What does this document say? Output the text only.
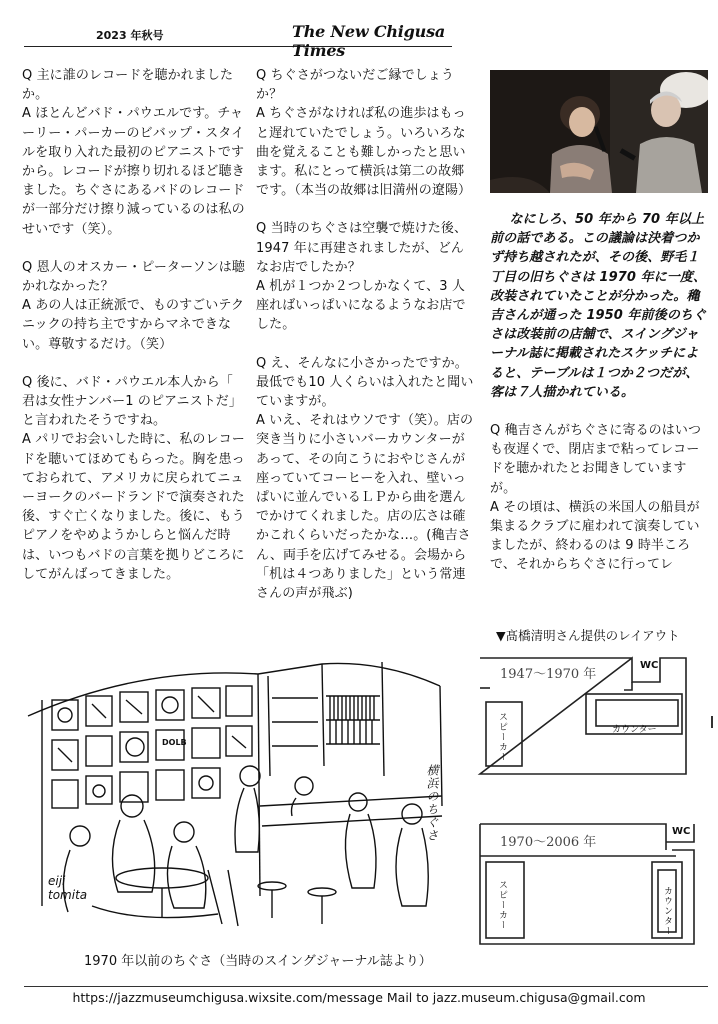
2023 年秋号	The New Chigusa Times

Q 主に誰のレコードを聴かれましたか。

A ほとんどバド・パウエルです。チャーリー・パーカーのビバップ・スタイルを取り入れた最初のピアニストですから。レコードが擦り切れるほど聴きました。ちぐさにあるバドのレコードが一部分だけ擦り減っているのは私のせいです（笑）。

Q 恩人のオスカー・ピーターソンは聴かれなかった？

A あの人は正統派で、ものすごいテクニックの持ち主ですからマネできない。尊敬するだけ。（笑）

Q 後に、バド・パウエル本人から「 君は女性ナンバー1 のピアニストだ」と言われたそうですね。

A パリでお会いした時に、私のレコードを聴いてほめてもらった。胸を患っておられて、アメリカに戻られてニューヨークのバードランドで演奏された後、すぐ亡くなりました。後に、もうピアノをやめようかしらと悩んだ時は、いつもバドの言葉を拠りどころにしてがんばってきました。

Q ちぐさがつないだご縁でしょうか？

A ちぐさがなければ私の進歩はもっと遅れていたでしょう。いろいろな曲を覚えることも難しかったと思います。私にとって横浜は第二の故郷です。（本当の故郷は旧満州の遼陽）

Q 当時のちぐさは空襲で焼けた後、1947 年に再建されましたが、どんなお店でしたか？

A 机が１つか２つしかなくて、3 人座ればいっぱいになるようなお店でした。

Q え、そんなに小さかったですか。最低でも10 人くらいは入れたと聞いていますが。

A いえ、それはウソです（笑）。店の突き当りに小さいバーカウンターがあって、その向こうにおやじさんが座っていてコーヒーを入れ、壁いっぱいに並んでいるＬＰから曲を選んでかけてくれました。店の広さは確かこれくらいだったかな…。(穐吉さん、両手を広げてみせる。会場から「机は４つありました」という常連さんの声が飛ぶ)

なにしろ、50 年から 70 年以上前の話である。この議論は決着つかず持ち越されたが、その後、野毛１丁目の旧ちぐさは 1970 年に一度、改装されていたことが分かった。穐吉さんが通った 1950 年前後のちぐさは改装前の店舗で、スイングジャーナル誌に掲載されたスケッチによると、テーブルは１つか２つだが、客は７人描かれている。

Q 穐吉さんがちぐさに寄るのはいつも夜遅くで、閉店まで粘ってレコードを聴かれたとお聞きしていますが。

A その頃は、横浜の米国人の船員が集まるクラブに雇われて演奏していましたが、終わるのは 9 時半ころで、それからちぐさに行ってレ

▼髙橋清明さん提供のレイアウト
横浜のちぐさ
eiji tomita
DOLB
1970 年以前のちぐさ（当時のスイングジャーナル誌より）
1947～1970 年
WC
スピーカー	カウンター
1970～2006 年
WC
スピーカー	カウンター
https://jazzmuseumchigusa.wixsite.com/message Mail to jazz.museum.chigusa@gmail.com
